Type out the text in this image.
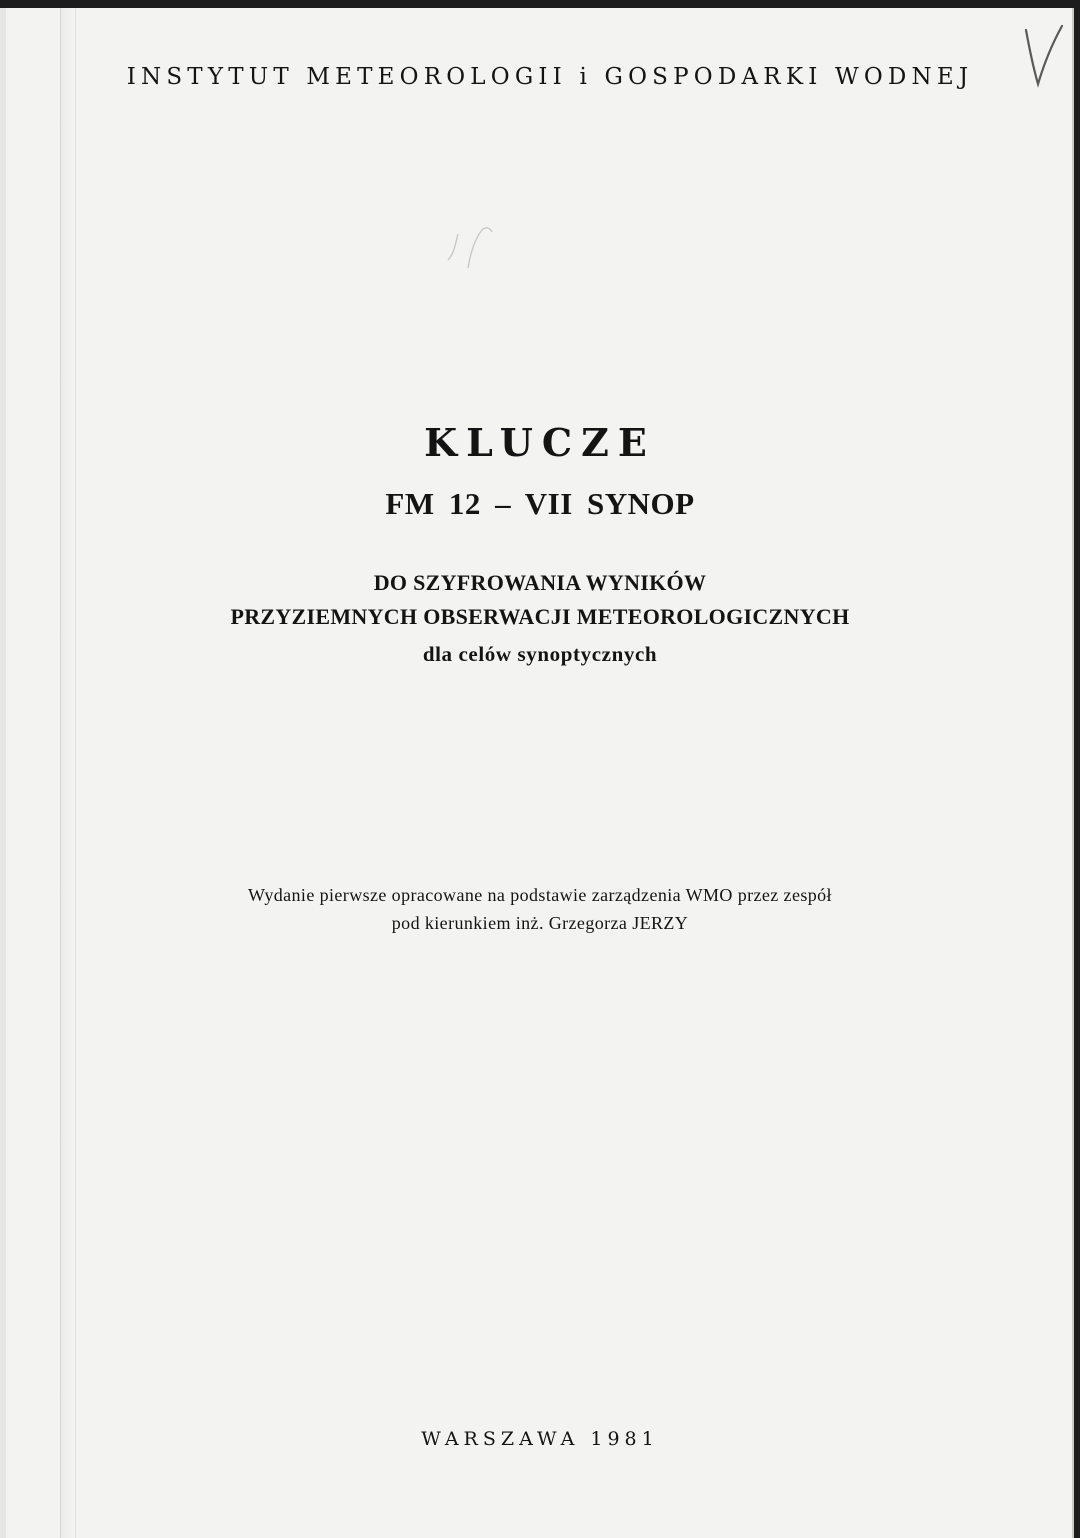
INSTYTUT METEOROLOGII i GOSPODARKI WODNEJ
KLUCZE
FM 12 – VII SYNOP
DO SZYFROWANIA WYNIKÓW
PRZYZIEMNYCH OBSERWACJI METEOROLOGICZNYCH
dla celów synoptycznych
Wydanie pierwsze opracowane na podstawie zarządzenia WMO przez zespół
pod kierunkiem inż. Grzegorza JERZY
WARSZAWA 1981
